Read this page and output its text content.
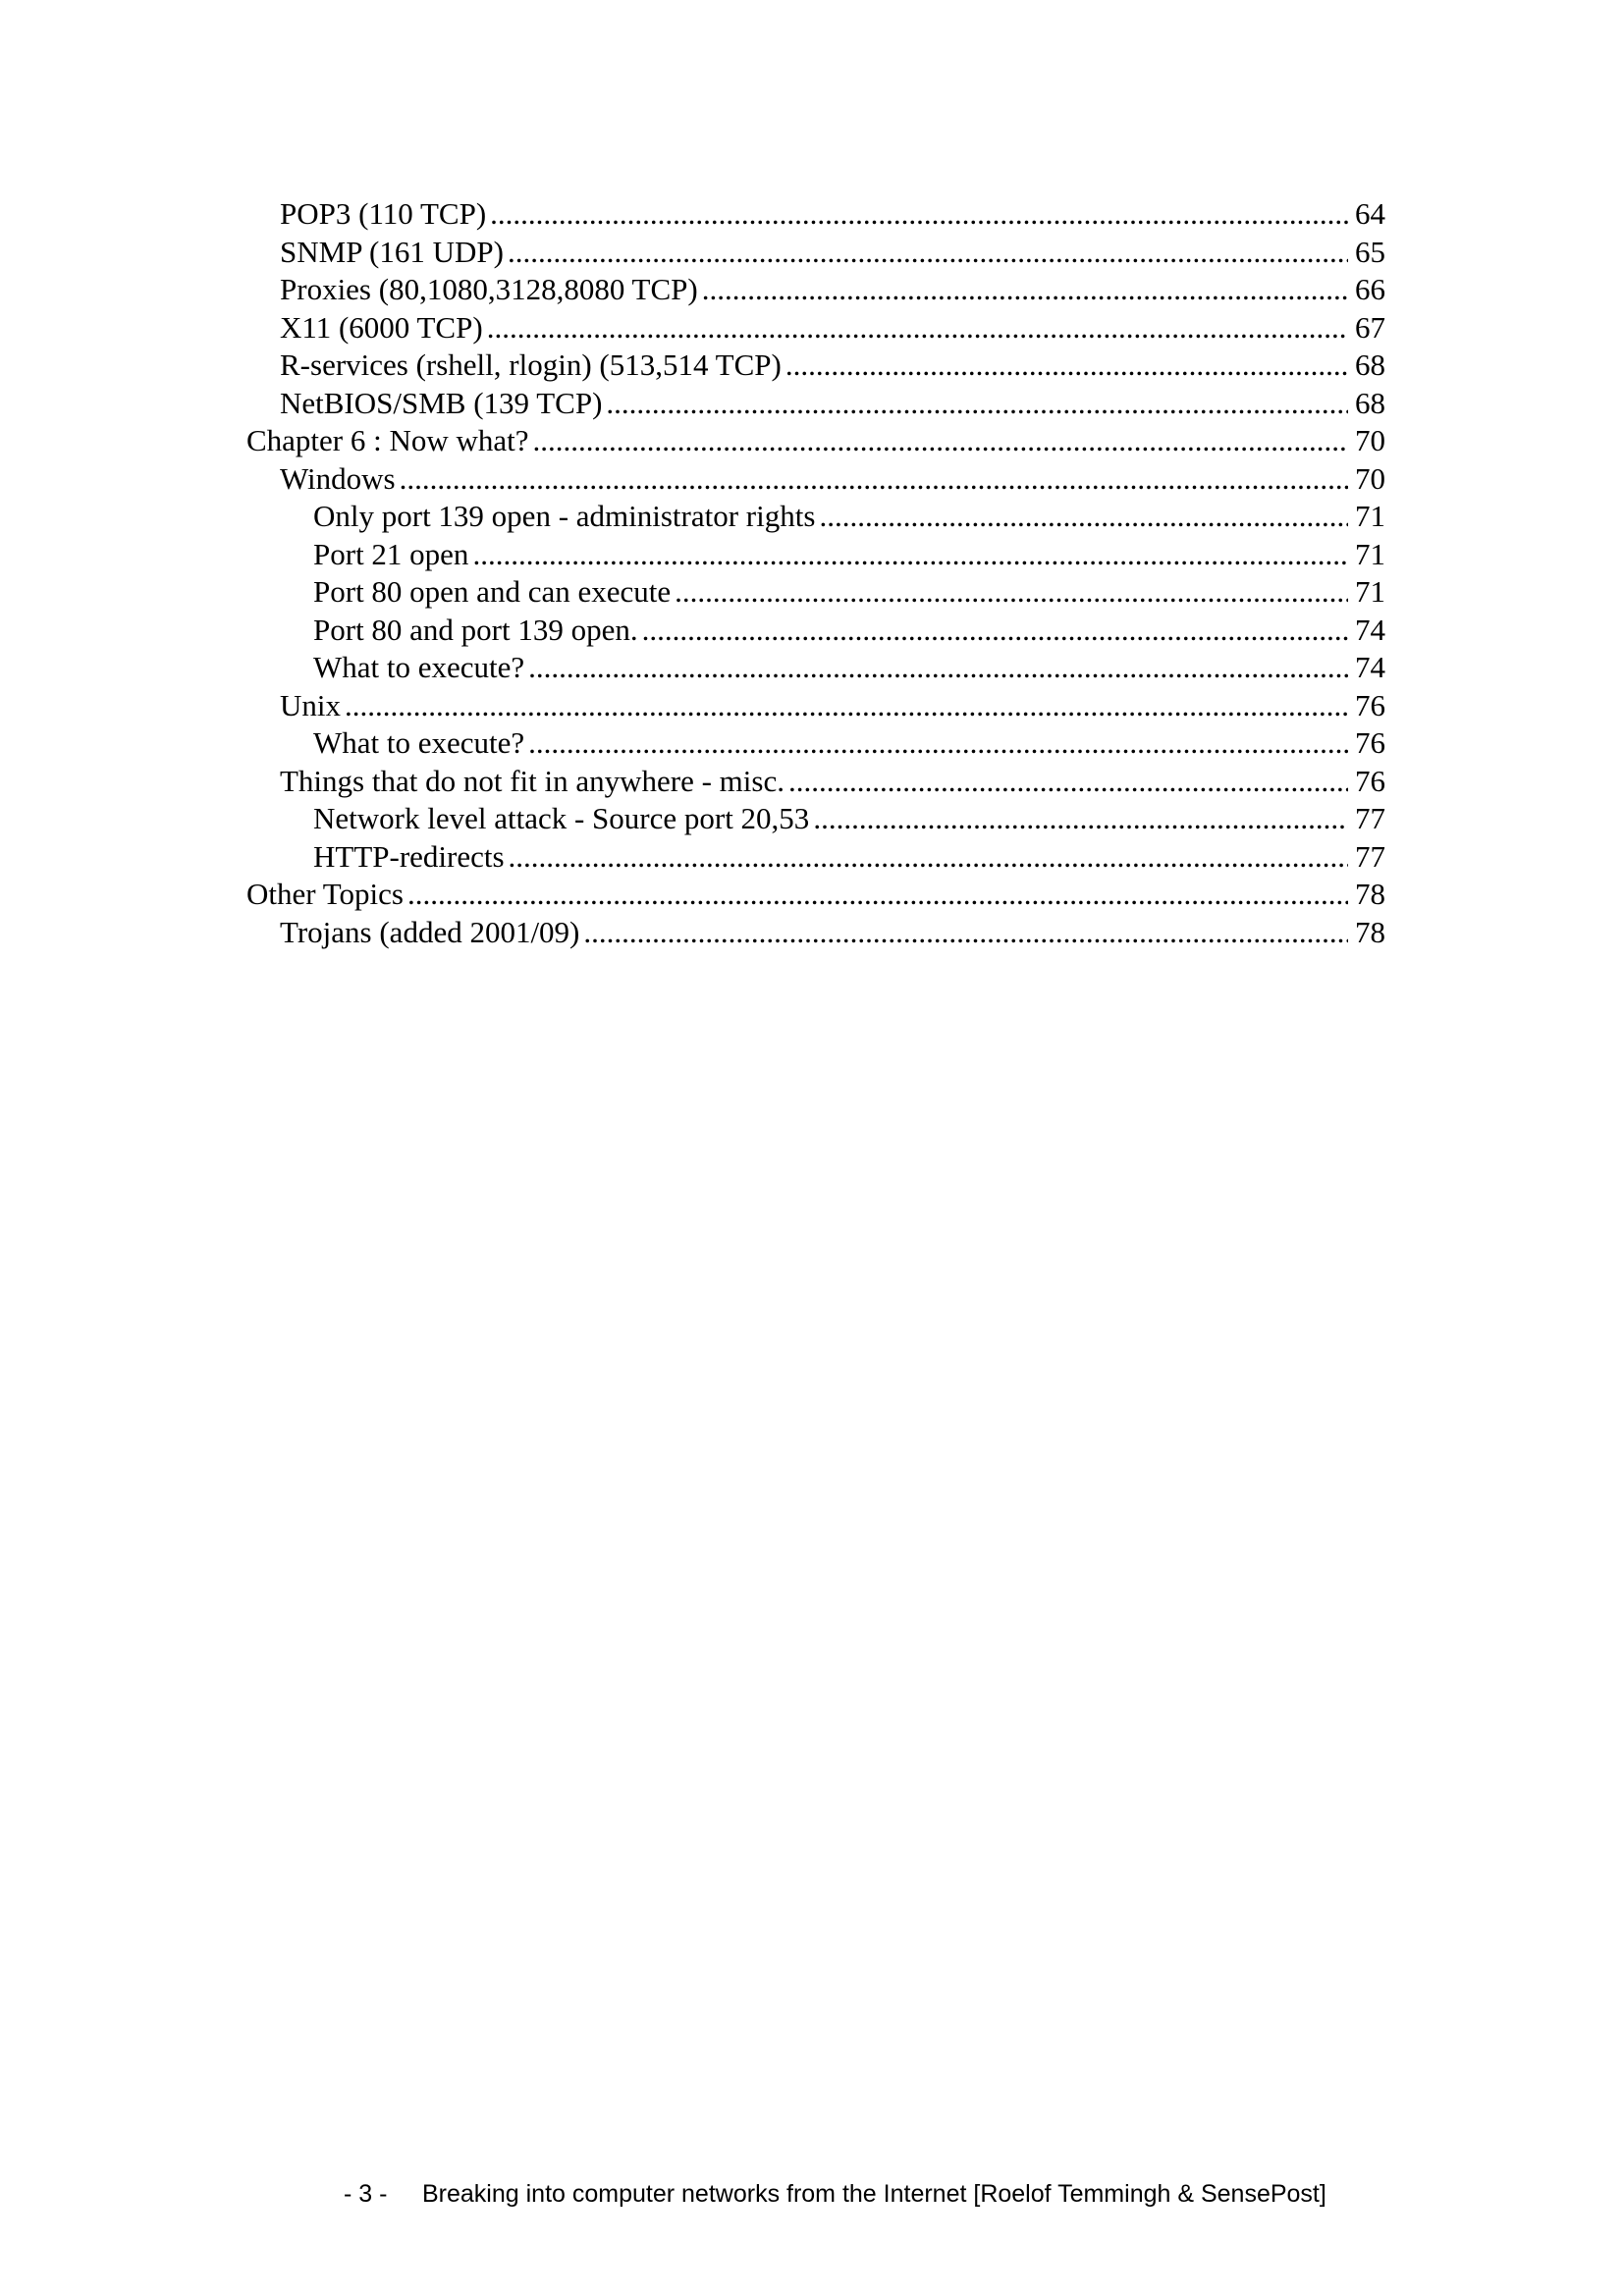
POP3 (110 TCP) .....	64
SNMP (161 UDP) .....	65
Proxies (80,1080,3128,8080 TCP) .....	66
X11 (6000 TCP) .....	67
R-services (rshell, rlogin) (513,514 TCP) .....	68
NetBIOS/SMB (139 TCP) .....	68
Chapter 6 : Now what? .....	70
Windows .....	70
Only port 139 open - administrator rights .....	71
Port 21 open .....	71
Port 80 open and can execute .....	71
Port 80 and port 139 open. .....	74
What to execute? .....	74
Unix .....	76
What to execute? .....	76
Things that do not fit in anywhere - misc. .....	76
Network level attack - Source port 20,53 .....	77
HTTP-redirects .....	77
Other Topics .....	78
Trojans (added 2001/09) .....	78
- 3 -	Breaking into computer networks from the Internet [Roelof Temmingh & SensePost]
